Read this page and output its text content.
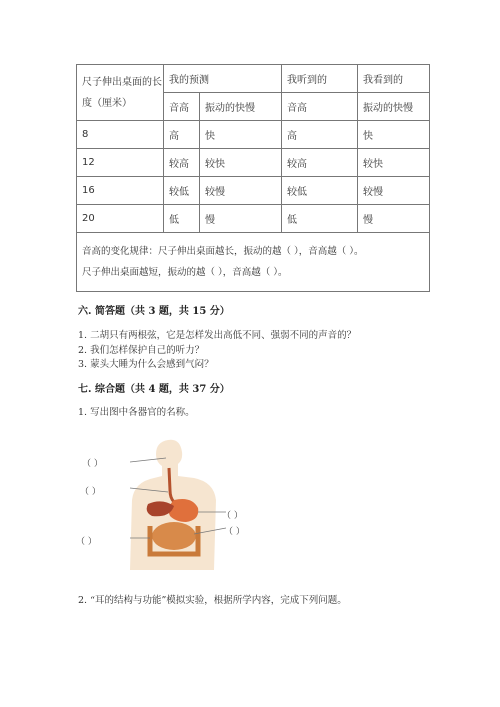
尺子伸出桌面的长度（厘米）	我的预测		我听到的	我看到的
	音高	振动的快慢	音高	振动的快慢
8	高	快	高	快
12	较高	较快	较高	较快
16	较低	较慢	较低	较慢
20	低	慢	低	慢

音高的变化规律：尺子伸出桌面越长，振动的越（ ），音高越（ ）。
尺子伸出桌面越短，振动的越（ ），音高越（ ）。				
六. 简答题（共 3 题，共 15 分）
1. 二胡只有两根弦，它是怎样发出高低不同、强弱不同的声音的？
2. 我们怎样保护自己的听力？
3. 蒙头大睡为什么会感到气闷？
七. 综合题（共 4 题，共 37 分）
1. 写出图中各器官的名称。
（ ）
（ ）
（ ）
（ ）
（ ）
2. “耳的结构与功能”模拟实验，根据所学内容，完成下列问题。
